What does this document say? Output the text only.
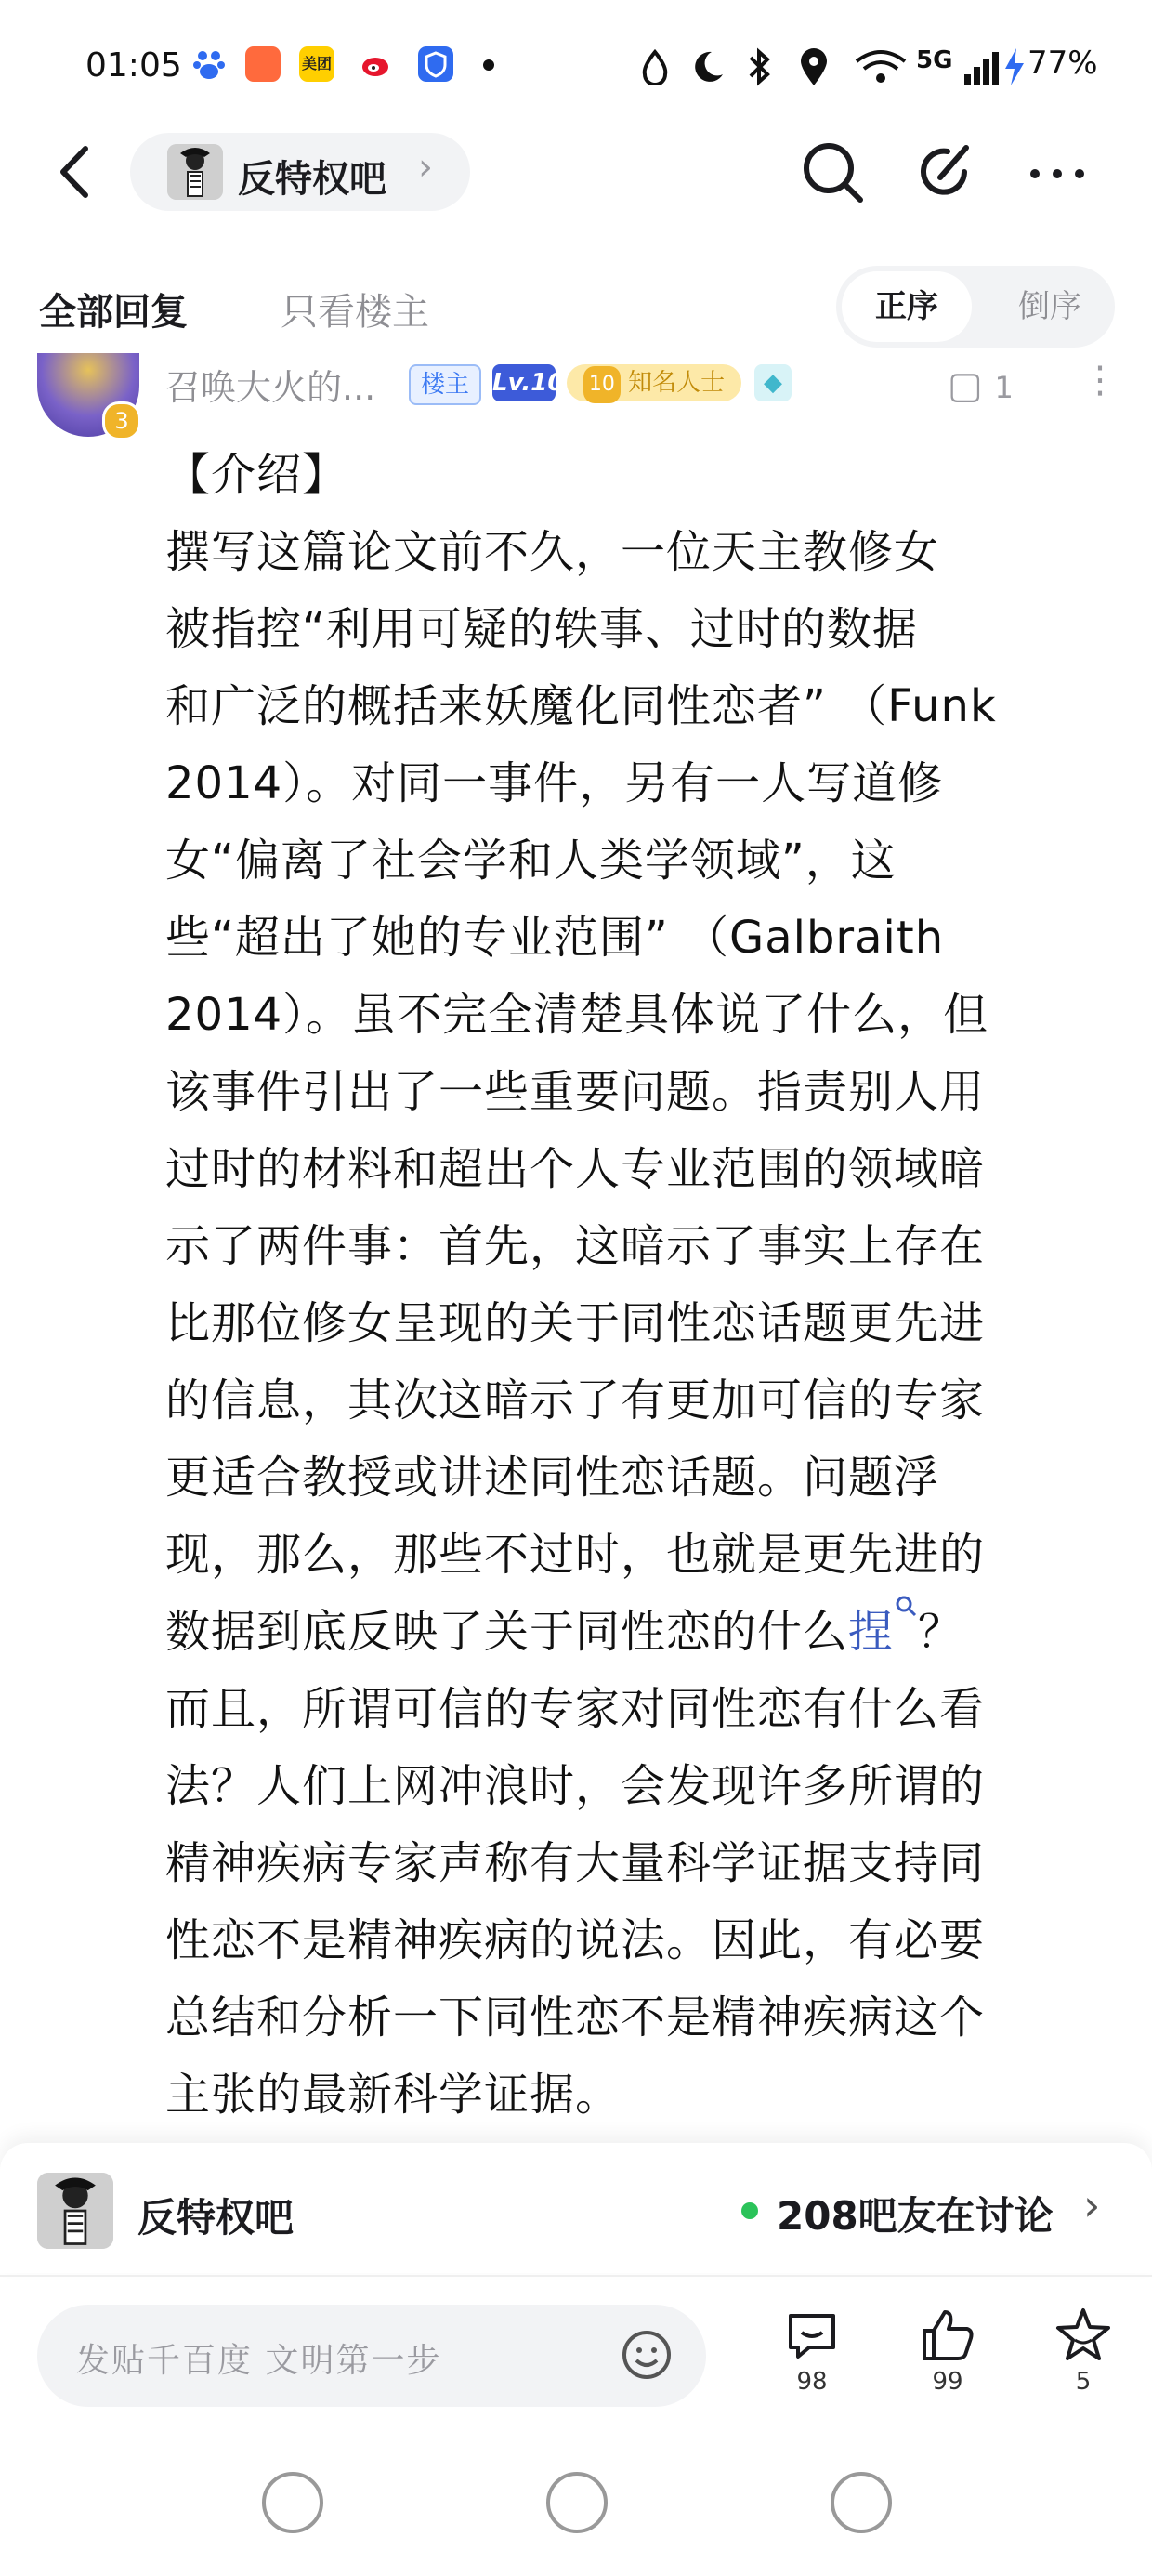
01:05	美团	5G 77%
反特权吧 ›
全部回复	只看楼主	正序	倒序
3
召唤大火的...	楼主 Lv.10	10 知名人士	◆	▢ 1 ⋮
【介绍】
撰写这篇论文前不久，一位天主教修女
被指控“利用可疑的轶事、过时的数据
和广泛的概括来妖魔化同性恋者” （Funk
2014）。对同一事件，另有一人写道修
女“偏离了社会学和人类学领域”，这
些“超出了她的专业范围” （Galbraith
2014）。虽不完全清楚具体说了什么，但
该事件引出了一些重要问题。指责别人用
过时的材料和超出个人专业范围的领域暗
示了两件事：首先，这暗示了事实上存在
比那位修女呈现的关于同性恋话题更先进
的信息，其次这暗示了有更加可信的专家
更适合教授或讲述同性恋话题。问题浮
现，那么，那些不过时，也就是更先进的
数据到底反映了关于同性恋的什么捏 ？
而且，所谓可信的专家对同性恋有什么看
法？人们上网冲浪时，会发现许多所谓的
精神疾病专家声称有大量科学证据支持同
性恋不是精神疾病的说法。因此，有必要
总结和分析一下同性恋不是精神疾病这个
主张的最新科学证据。
反特权吧	208吧友在讨论 ›
发贴千百度 文明第一步
98	99	5
